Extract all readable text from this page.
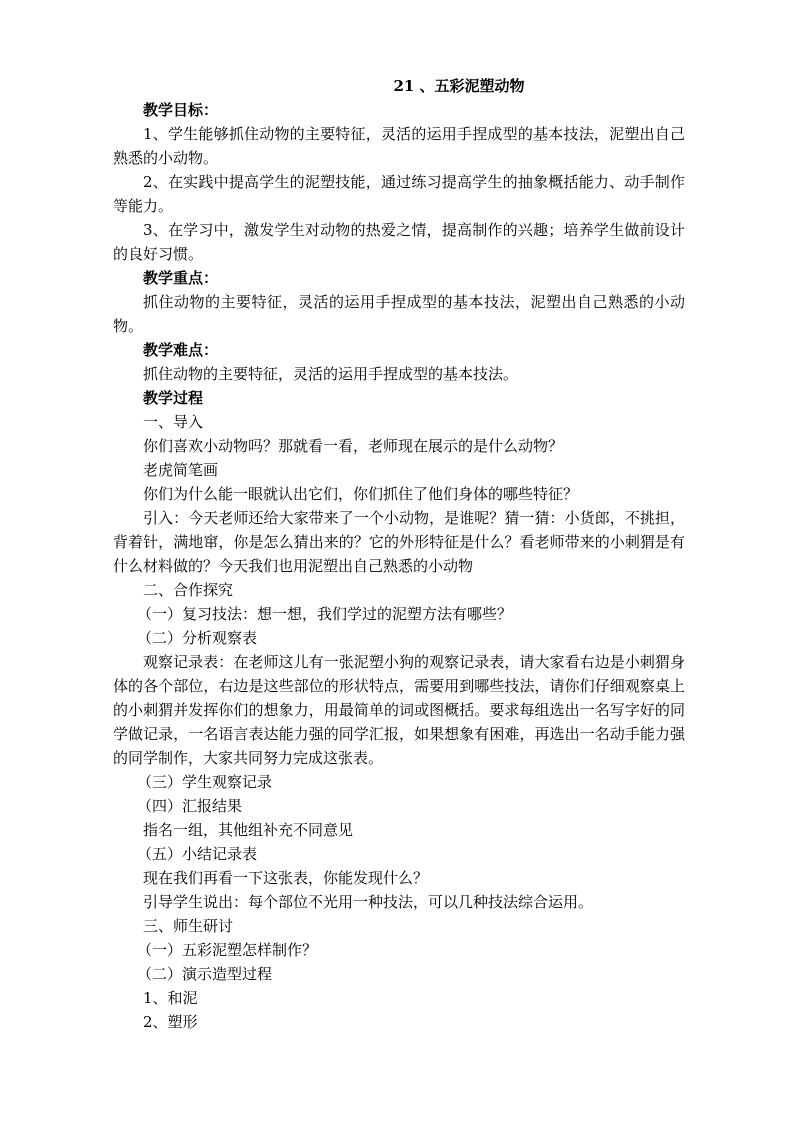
21 、五彩泥塑动物
教学目标：
1、学生能够抓住动物的主要特征，灵活的运用手捏成型的基本技法，泥塑出自己熟悉的小动物。
2、在实践中提高学生的泥塑技能，通过练习提高学生的抽象概括能力、动手制作等能力。
3、在学习中，激发学生对动物的热爱之情，提高制作的兴趣；培养学生做前设计的良好习惯。
教学重点：
抓住动物的主要特征，灵活的运用手捏成型的基本技法，泥塑出自己熟悉的小动物。
教学难点：
抓住动物的主要特征，灵活的运用手捏成型的基本技法。
教学过程
一、导入
你们喜欢小动物吗？那就看一看，老师现在展示的是什么动物？
老虎简笔画
你们为什么能一眼就认出它们，你们抓住了他们身体的哪些特征？
引入：今天老师还给大家带来了一个小动物，是谁呢？猜一猜：小货郎，不挑担，背着针，满地窜，你是怎么猜出来的？它的外形特征是什么？看老师带来的小刺猬是有什么材料做的？今天我们也用泥塑出自己熟悉的小动物
二、合作探究
（一）复习技法：想一想，我们学过的泥塑方法有哪些？
（二）分析观察表
观察记录表：在老师这儿有一张泥塑小狗的观察记录表，请大家看右边是小刺猬身体的各个部位，右边是这些部位的形状特点，需要用到哪些技法，请你们仔细观察桌上的小刺猬并发挥你们的想象力，用最简单的词或图概括。要求每组选出一名写字好的同学做记录，一名语言表达能力强的同学汇报，如果想象有困难，再选出一名动手能力强的同学制作，大家共同努力完成这张表。
（三）学生观察记录
（四）汇报结果
指名一组，其他组补充不同意见
（五）小结记录表
现在我们再看一下这张表，你能发现什么？
引导学生说出：每个部位不光用一种技法，可以几种技法综合运用。
三、师生研讨
（一）五彩泥塑怎样制作？
（二）演示造型过程
1、和泥
2、塑形
